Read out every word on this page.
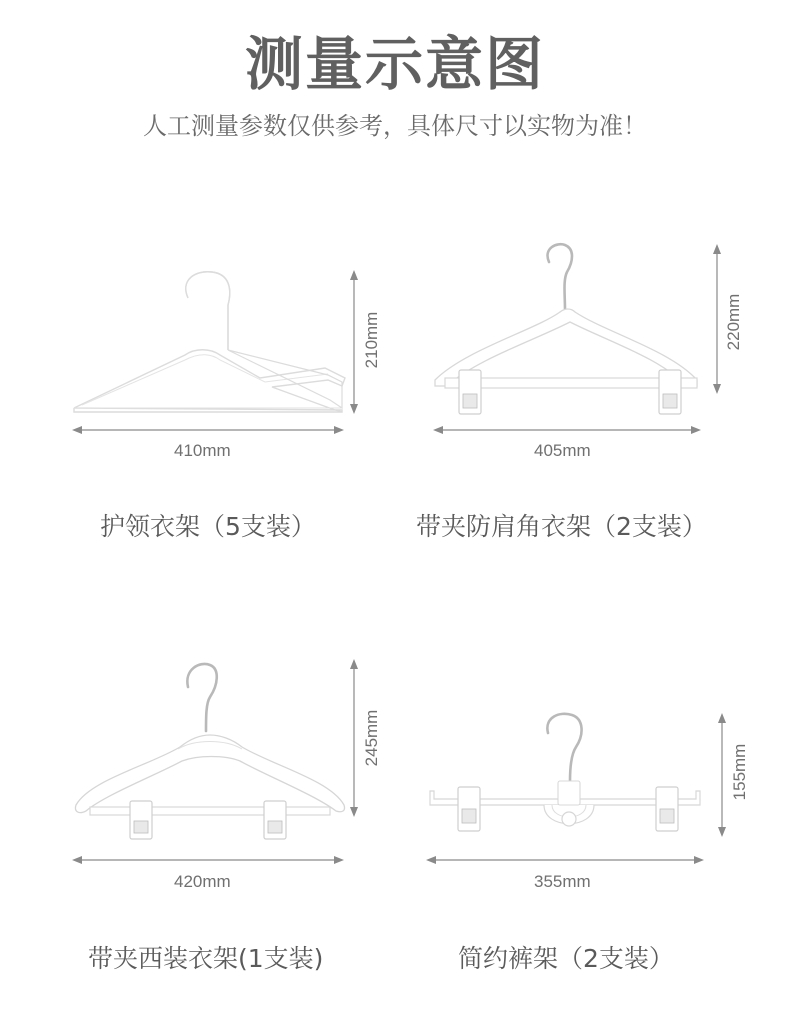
测量示意图
人工测量参数仅供参考，具体尺寸以实物为准！
410mm
210mm
护领衣架（5支装）
405mm
220mm
带夹防肩角衣架（2支装）
420mm
245mm
带夹西装衣架(1支装)
355mm
155mm
简约裤架（2支装）
